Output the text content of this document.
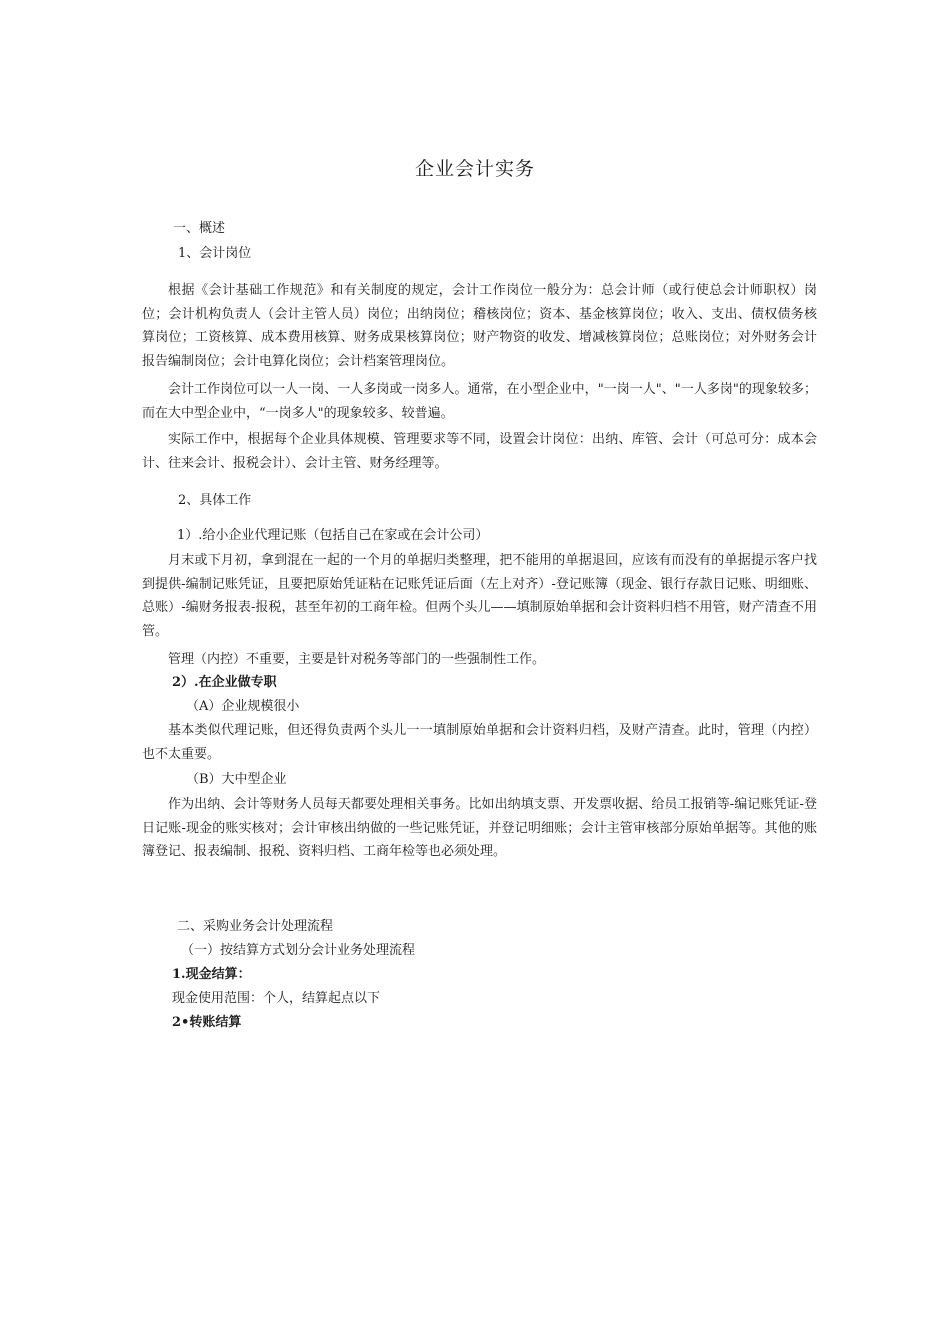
企业会计实务
一、概述
1、会计岗位

根据《会计基础工作规范》和有关制度的规定，会计工作岗位一般分为：总会计师（或行使总会计师职权）岗位；会计机构负责人（会计主管人员）岗位；出纳岗位；稽核岗位；资本、基金核算岗位；收入、支出、债权债务核算岗位；工资核算、成本费用核算、财务成果核算岗位；财产物资的收发、增减核算岗位；总账岗位；对外财务会计报告编制岗位；会计电算化岗位；会计档案管理岗位。

会计工作岗位可以一人一岗、一人多岗或一岗多人。通常，在小型企业中，"一岗一人"、"一人多岗"的现象较多；而在大中型企业中，“一岗多人"的现象较多、较普遍。

实际工作中，根据每个企业具体规模、管理要求等不同，设置会计岗位：出纳、库管、会计（可总可分：成本会计、往来会计、报税会计）、会计主管、财务经理等。

2、具体工作
1）.给小企业代理记账（包括自己在家或在会计公司）

月末或下月初，拿到混在一起的一个月的单据归类整理，把不能用的单据退回，应该有而没有的单据提示客户找到提供-编制记账凭证，且要把原始凭证粘在记账凭证后面（左上对齐）-登记账簿（现金、银行存款日记账、明细账、总账）-编财务报表-报税，甚至年初的工商年检。但两个头儿——填制原始单据和会计资料归档不用管，财产清查不用管。

管理（内控）不重要，主要是针对税务等部门的一些强制性工作。

2）.在企业做专职
（A）企业规模很小

基本类似代理记账，但还得负责两个头儿一一填制原始单据和会计资料归档，及财产清查。此时，管理（内控）也不太重要。

（B）大中型企业

作为出纳、会计等财务人员每天都要处理相关事务。比如出纳填支票、开发票收据、给员工报销等-编记账凭证-登日记账-现金的账实核对；会计审核出纳做的一些记账凭证，并登记明细账；会计主管审核部分原始单据等。其他的账簿登记、报表编制、报税、资料归档、工商年检等也必须处理。

二、采购业务会计处理流程
（一）按结算方式划分会计业务处理流程
1.现金结算：
现金使用范围：个人，结算起点以下
2•转账结算
